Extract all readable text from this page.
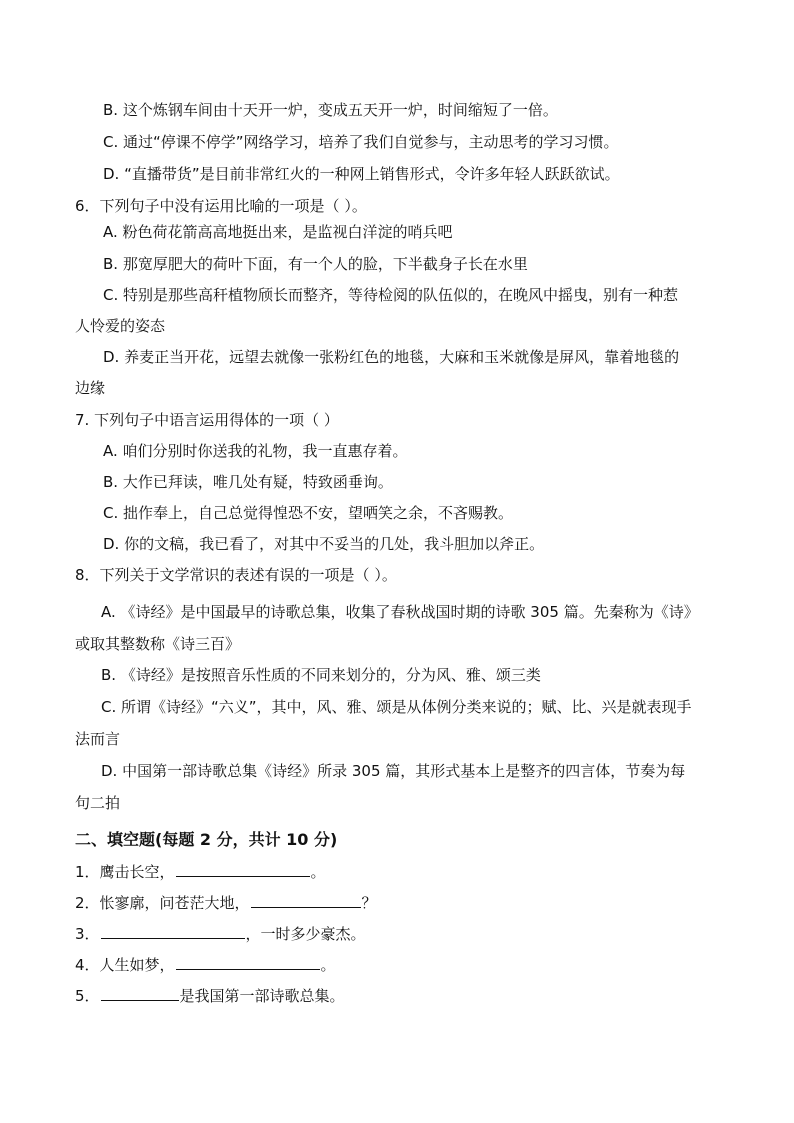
B. 这个炼钢车间由十天开一炉，变成五天开一炉，时间缩短了一倍。
C. 通过“停课不停学”网络学习，培养了我们自觉参与，主动思考的学习习惯。
D. “直播带货”是目前非常红火的一种网上销售形式，令许多年轻人跃跃欲试。
6．下列句子中没有运用比喻的一项是（ ）。
A. 粉色荷花箭高高地挺出来，是监视白洋淀的哨兵吧
B. 那宽厚肥大的荷叶下面，有一个人的脸，下半截身子长在水里
C. 特别是那些高秆植物颀长而整齐，等待检阅的队伍似的，在晚风中摇曳，别有一种惹
人怜爱的姿态
D. 养麦正当开花，远望去就像一张粉红色的地毯，大麻和玉米就像是屏风，靠着地毯的
边缘
7. 下列句子中语言运用得体的一项（ ）
A. 咱们分别时你送我的礼物，我一直惠存着。
B. 大作已拜读，唯几处有疑，特致函垂询。
C. 拙作奉上，自己总觉得惶恐不安，望哂笑之余，不吝赐教。
D. 你的文稿，我已看了，对其中不妥当的几处，我斗胆加以斧正。
8．下列关于文学常识的表述有误的一项是（ ）。
A. 《诗经》是中国最早的诗歌总集，收集了春秋战国时期的诗歌 305 篇。先秦称为《诗》
或取其整数称《诗三百》
B. 《诗经》是按照音乐性质的不同来划分的，分为风、雅、颂三类
C. 所谓《诗经》“六义”，其中，风、雅、颂是从体例分类来说的；赋、比、兴是就表现手
法而言
D. 中国第一部诗歌总集《诗经》所录 305 篇，其形式基本上是整齐的四言体，节奏为每
句二拍
二、填空题(每题 2 分，共计 10 分)
1．鹰击长空，	。
2．怅寥廓，问苍茫大地，	？
3．	，一时多少豪杰。
4．人生如梦，	。
5．	是我国第一部诗歌总集。
